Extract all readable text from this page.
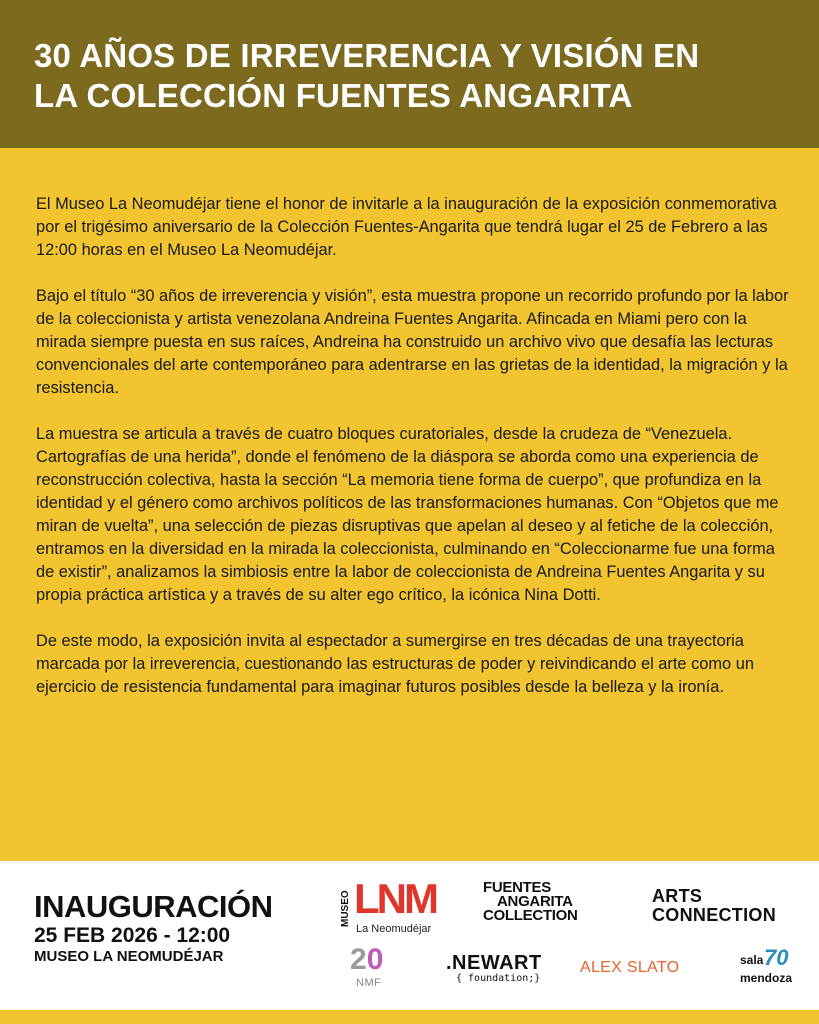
30 AÑOS DE IRREVERENCIA Y VISIÓN EN
LA COLECCIÓN FUENTES ANGARITA

El Museo La Neomudéjar tiene el honor de invitarle a la inauguración de la exposición conmemorativa por el trigésimo aniversario de la Colección Fuentes-Angarita que tendrá lugar el 25 de Febrero a las 12:00 horas en el Museo La Neomudéjar.

Bajo el título “30 años de irreverencia y visión”, esta muestra propone un recorrido profundo por la labor de la coleccionista y artista venezolana Andreina Fuentes Angarita. Afincada en Miami pero con la mirada siempre puesta en sus raíces, Andreina ha construido un archivo vivo que desafía las lecturas convencionales del arte contemporáneo para adentrarse en las grietas de la identidad, la migración y la resistencia.

La muestra se articula a través de cuatro bloques curatoriales, desde la crudeza de “Venezuela. Cartografías de una herida”, donde el fenómeno de la diáspora se aborda como una experiencia de reconstrucción colectiva, hasta la sección “La memoria tiene forma de cuerpo”, que profundiza en la identidad y el género como archivos políticos de las transformaciones humanas. Con “Objetos que me miran de vuelta”, una selección de piezas disruptivas que apelan al deseo y al fetiche de la colección, entramos en la diversidad en la mirada la coleccionista, culminando en “Coleccionarme fue una forma de existir”, analizamos la simbiosis entre la labor de coleccionista de Andreina Fuentes Angarita y su propia práctica artística y a través de su alter ego crítico, la icónica Nina Dotti.

De este modo, la exposición invita al espectador a sumergirse en tres décadas de una trayectoria marcada por la irreverencia, cuestionando las estructuras de poder y reivindicando el arte como un ejercicio de resistencia fundamental para imaginar futuros posibles desde la belleza y la ironía.

INAUGURACIÓN
25 FEB 2026 - 12:00
MUSEO LA NEOMUDÉJAR
MUSEO LNM
La Neomudéjar
FUENTES
ANGARITA
COLLECTION
ARTS
CONNECTION
20
NMF
.NEWART
{ foundation;}
ALEX SLATO	sala 70
mendoza
